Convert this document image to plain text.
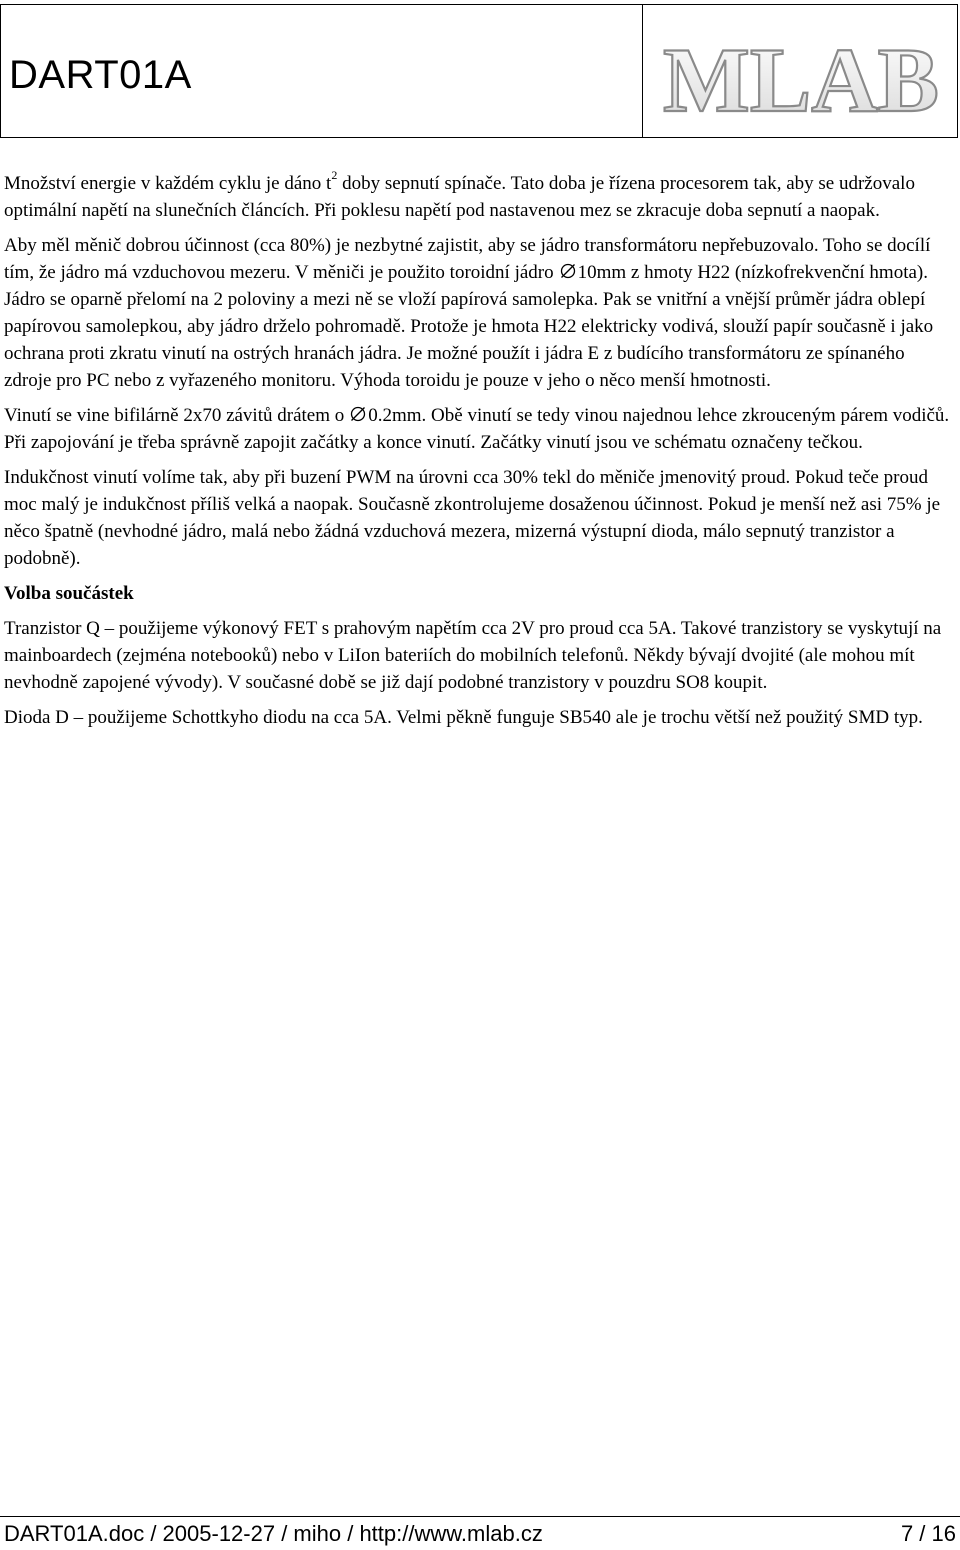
DART01A	MLAB

Množství energie v každém cyklu je dáno $t^2$ doby sepnutí spínače. Tato doba je řízena procesorem tak, aby se udržovalo optimální napětí na slunečních článcích. Při poklesu napětí pod nastavenou mez se zkracuje doba sepnutí a naopak.

Aby měl měnič dobrou účinnost (cca 80%) je nezbytné zajistit, aby se jádro transformátoru nepřebuzovalo. Toho se docílí tím, že jádro má vzduchovou mezeru. V měniči je použito toroidní jádro 10mm z hmoty H22 (nízkofrekvenční hmota). Jádro se oparně přelomí na 2 poloviny a mezi ně se vloží papírová samolepka. Pak se vnitřní a vnější průměr jádra oblepí papírovou samolepkou, aby jádro drželo pohromadě. Protože je hmota H22 elektricky vodivá, slouží papír současně i jako ochrana proti zkratu vinutí na ostrých hranách jádra. Je možné použít i jádra E z budícího transformátoru ze spínaného zdroje pro PC nebo z vyřazeného monitoru. Výhoda toroidu je pouze v jeho o něco menší hmotnosti.

Vinutí se vine bifilárně 2x70 závitů drátem o 0.2mm. Obě vinutí se tedy vinou najednou lehce zkrouceným párem vodičů. Při zapojování je třeba správně zapojit začátky a konce vinutí. Začátky vinutí jsou ve schématu označeny tečkou.

Indukčnost vinutí volíme tak, aby při buzení PWM na úrovni cca 30% tekl do měniče jmenovitý proud. Pokud teče proud moc malý je indukčnost příliš velká a naopak. Současně zkontrolujeme dosaženou účinnost. Pokud je menší než asi 75% je něco špatně (nevhodné jádro, malá nebo žádná vzduchová mezera, mizerná výstupní dioda, málo sepnutý tranzistor a podobně).

Volba součástek

Tranzistor Q – použijeme výkonový FET s prahovým napětím cca 2V pro proud cca 5A. Takové tranzistory se vyskytují na mainboardech (zejména notebooků) nebo v LiIon bateriích do mobilních telefonů. Někdy bývají dvojité (ale mohou mít nevhodně zapojené vývody). V současné době se již dají podobné tranzistory v pouzdru SO8 koupit.

Dioda D – použijeme Schottkyho diodu na cca 5A. Velmi pěkně funguje SB540 ale je trochu větší než použitý SMD typ.

DART01A.doc / 2005-12-27 / miho / http://www.mlab.cz	7 / 16
